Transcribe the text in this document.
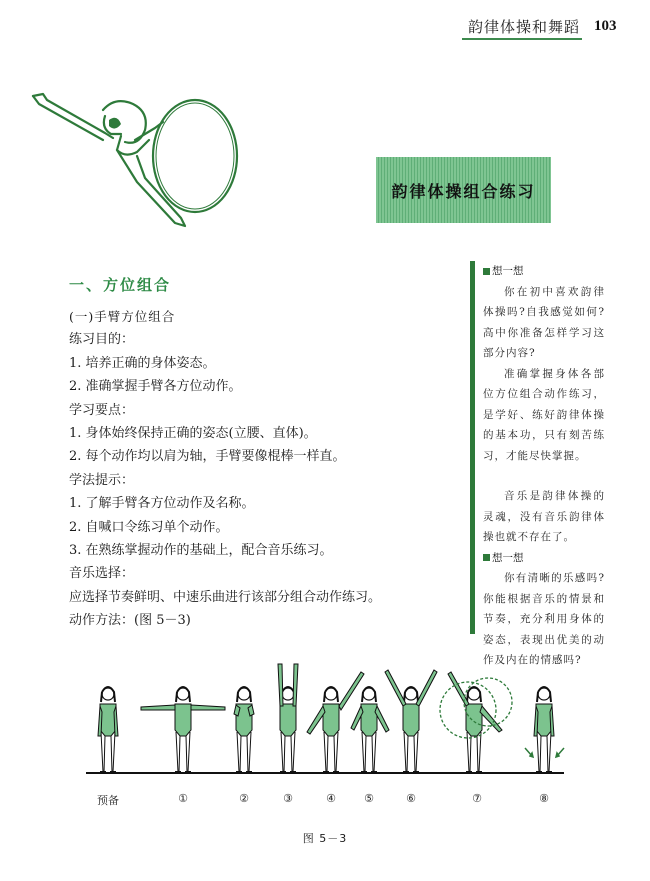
韵律体操和舞蹈 103
韵律体操组合练习
一、方位组合
(一)手臂方位组合
练习目的：
1. 培养正确的身体姿态。
2. 准确掌握手臂各方位动作。
学习要点：
1. 身体始终保持正确的姿态(立腰、直体)。
2. 每个动作均以肩为轴，手臂要像棍棒一样直。
学法提示：
1. 了解手臂各方位动作及名称。
2. 自喊口令练习单个动作。
3. 在熟练掌握动作的基础上，配合音乐练习。
音乐选择：
应选择节奏鲜明、中速乐曲进行该部分组合动作练习。
动作方法：(图 5－3)
想一想
你在初中喜欢韵律体操吗?自我感觉如何?高中你准备怎样学习这部分内容?
准确掌握身体各部位方位组合动作练习，是学好、练好韵律体操的基本功，只有刻苦练习，才能尽快掌握。
音乐是韵律体操的灵魂，没有音乐韵律体操也就不存在了。
想一想
你有清晰的乐感吗?你能根据音乐的情景和节奏，充分利用身体的姿态，表现出优美的动作及内在的情感吗?
预备	①	②	③	④	⑤	⑥	⑦	⑧
图 5－3
